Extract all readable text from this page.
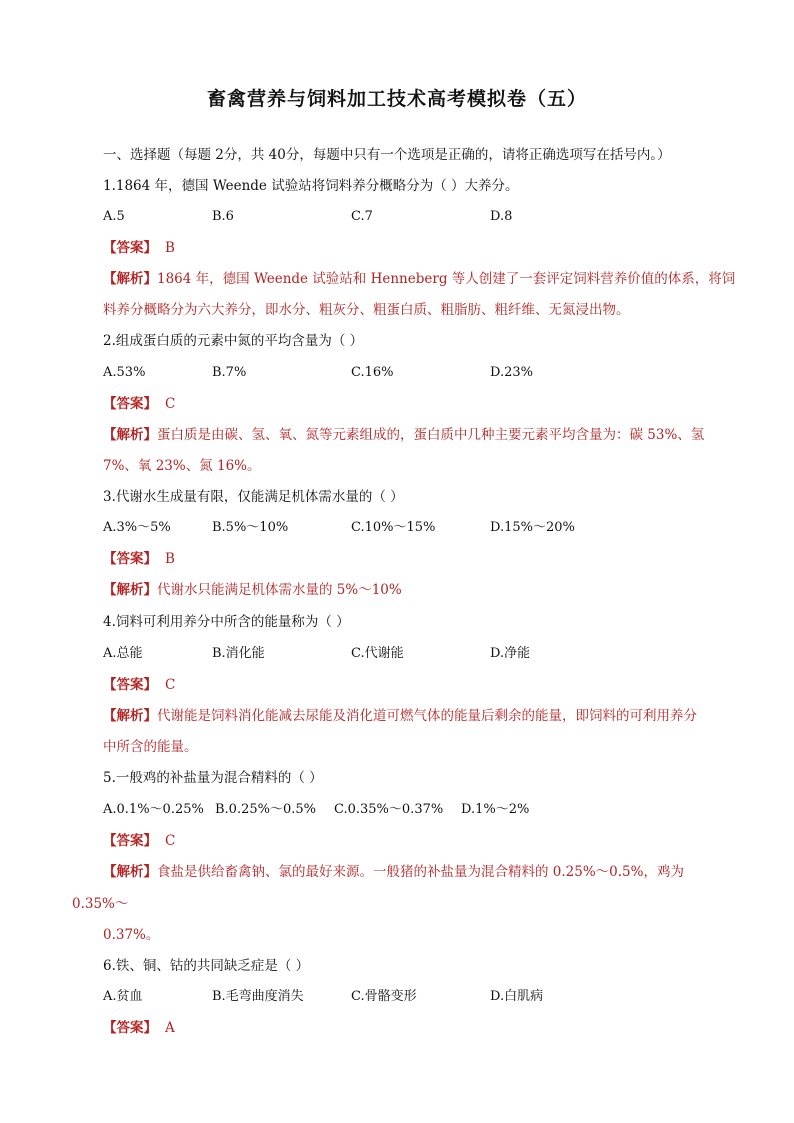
畜禽营养与饲料加工技术高考模拟卷（五）
一、选择题（每题 2分，共 40分，每题中只有一个选项是正确的，请将正确选项写在括号内。）
1.1864 年，德国 Weende 试验站将饲料养分概略分为（ ）大养分。
A.5	B.6	C.7	D.8
【答案】 B
【解析】1864 年，德国 Weende 试验站和 Henneberg 等人创建了一套评定饲料营养价值的体系，将饲
料养分概略分为六大养分，即水分、粗灰分、粗蛋白质、粗脂肪、粗纤维、无氮浸出物。
2.组成蛋白质的元素中氮的平均含量为（ ）
A.53%	B.7%	C.16%	D.23%
【答案】 C
【解析】蛋白质是由碳、氢、氧、氮等元素组成的，蛋白质中几种主要元素平均含量为：碳 53%、氢
7%、氧 23%、氮 16%。
3.代谢水生成量有限，仅能满足机体需水量的（ ）
A.3%～5%	B.5%～10%	C.10%～15%	D.15%～20%
【答案】 B
【解析】代谢水只能满足机体需水量的 5%～10%
4.饲料可利用养分中所含的能量称为（ ）
A.总能	B.消化能	C.代谢能	D.净能
【答案】 C
【解析】代谢能是饲料消化能减去尿能及消化道可燃气体的能量后剩余的能量，即饲料的可利用养分
中所含的能量。
5.一般鸡的补盐量为混合精料的（ ）
A.0.1%～0.25% B.0.25%～0.5% C.0.35%～0.37% D.1%～2%
【答案】 C
【解析】食盐是供给畜禽钠、氯的最好来源。一般猪的补盐量为混合精料的 0.25%～0.5%，鸡为
0.35%～
0.37%。
6.铁、铜、钴的共同缺乏症是（ ）
A.贫血	B.毛弯曲度消失	C.骨骼变形	D.白肌病
【答案】 A
